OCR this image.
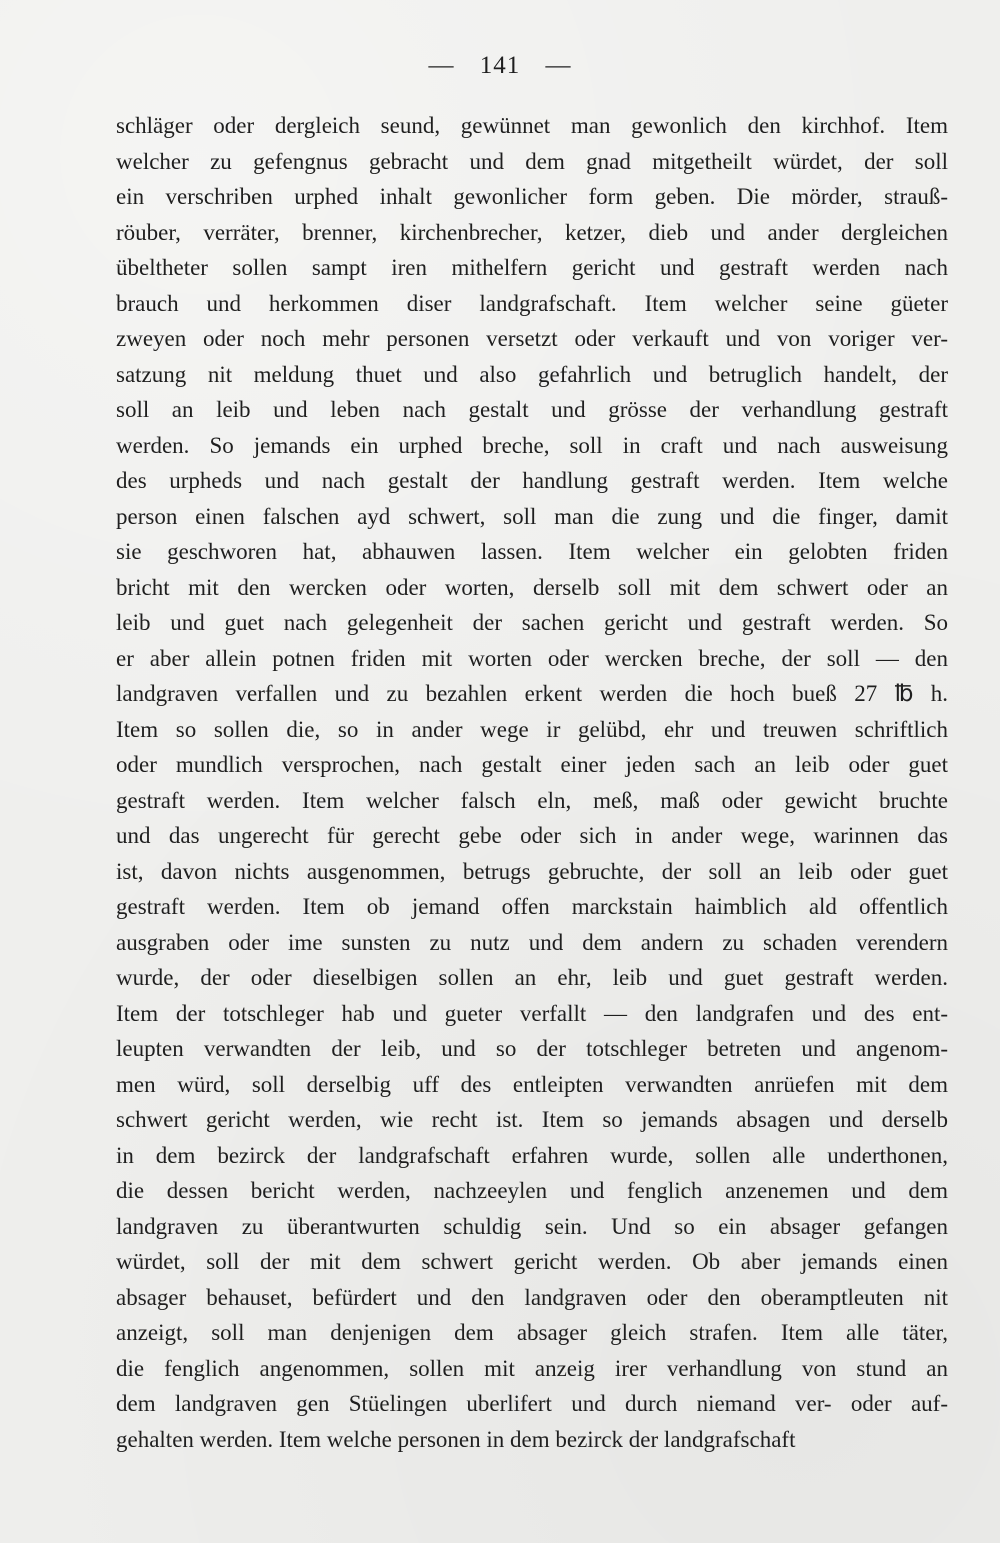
— 141 —
schläger oder dergleich seund, gewünnet man gewonlich den kirchhof. Item
welcher zu gefengnus gebracht und dem gnad mitgetheilt würdet, der soll
ein verschriben urphed inhalt gewonlicher form geben. Die mörder, strauß-
röuber, verräter, brenner, kirchenbrecher, ketzer, dieb und ander dergleichen
übeltheter sollen sampt iren mithelfern gericht und gestraft werden nach
brauch und herkommen diser landgrafschaft. Item welcher seine güeter
zweyen oder noch mehr personen versetzt oder verkauft und von voriger ver-
satzung nit meldung thuet und also gefahrlich und betruglich handelt, der
soll an leib und leben nach gestalt und grösse der verhandlung gestraft
werden. So jemands ein urphed breche, soll in craft und nach ausweisung
des urpheds und nach gestalt der handlung gestraft werden. Item welche
person einen falschen ayd schwert, soll man die zung und die finger, damit
sie geschworen hat, abhauwen lassen. Item welcher ein gelobten friden
bricht mit den wercken oder worten, derselb soll mit dem schwert oder an
leib und guet nach gelegenheit der sachen gericht und gestraft werden. So
er aber allein potnen friden mit worten oder wercken breche, der soll — den
landgraven verfallen und zu bezahlen erkent werden die hoch bueß 27 ℔ h.
Item so sollen die, so in ander wege ir gelübd, ehr und treuwen schriftlich
oder mundlich versprochen, nach gestalt einer jeden sach an leib oder guet
gestraft werden. Item welcher falsch eln, meß, maß oder gewicht bruchte
und das ungerecht für gerecht gebe oder sich in ander wege, warinnen das
ist, davon nichts ausgenommen, betrugs gebruchte, der soll an leib oder guet
gestraft werden. Item ob jemand offen marckstain haimblich ald offentlich
ausgraben oder ime sunsten zu nutz und dem andern zu schaden verendern
wurde, der oder dieselbigen sollen an ehr, leib und guet gestraft werden.
Item der totschleger hab und gueter verfallt — den landgrafen und des ent-
leupten verwandten der leib, und so der totschleger betreten und angenom-
men würd, soll derselbig uff des entleipten verwandten anrüefen mit dem
schwert gericht werden, wie recht ist. Item so jemands absagen und derselb
in dem bezirck der landgrafschaft erfahren wurde, sollen alle underthonen,
die dessen bericht werden, nachzeeylen und fenglich anzenemen und dem
landgraven zu überantwurten schuldig sein. Und so ein absager gefangen
würdet, soll der mit dem schwert gericht werden. Ob aber jemands einen
absager behauset, befürdert und den landgraven oder den oberamptleuten nit
anzeigt, soll man denjenigen dem absager gleich strafen. Item alle täter,
die fenglich angenommen, sollen mit anzeig irer verhandlung von stund an
dem landgraven gen Stüelingen uberlifert und durch niemand ver- oder auf-
gehalten werden. Item welche personen in dem bezirck der landgrafschaft
